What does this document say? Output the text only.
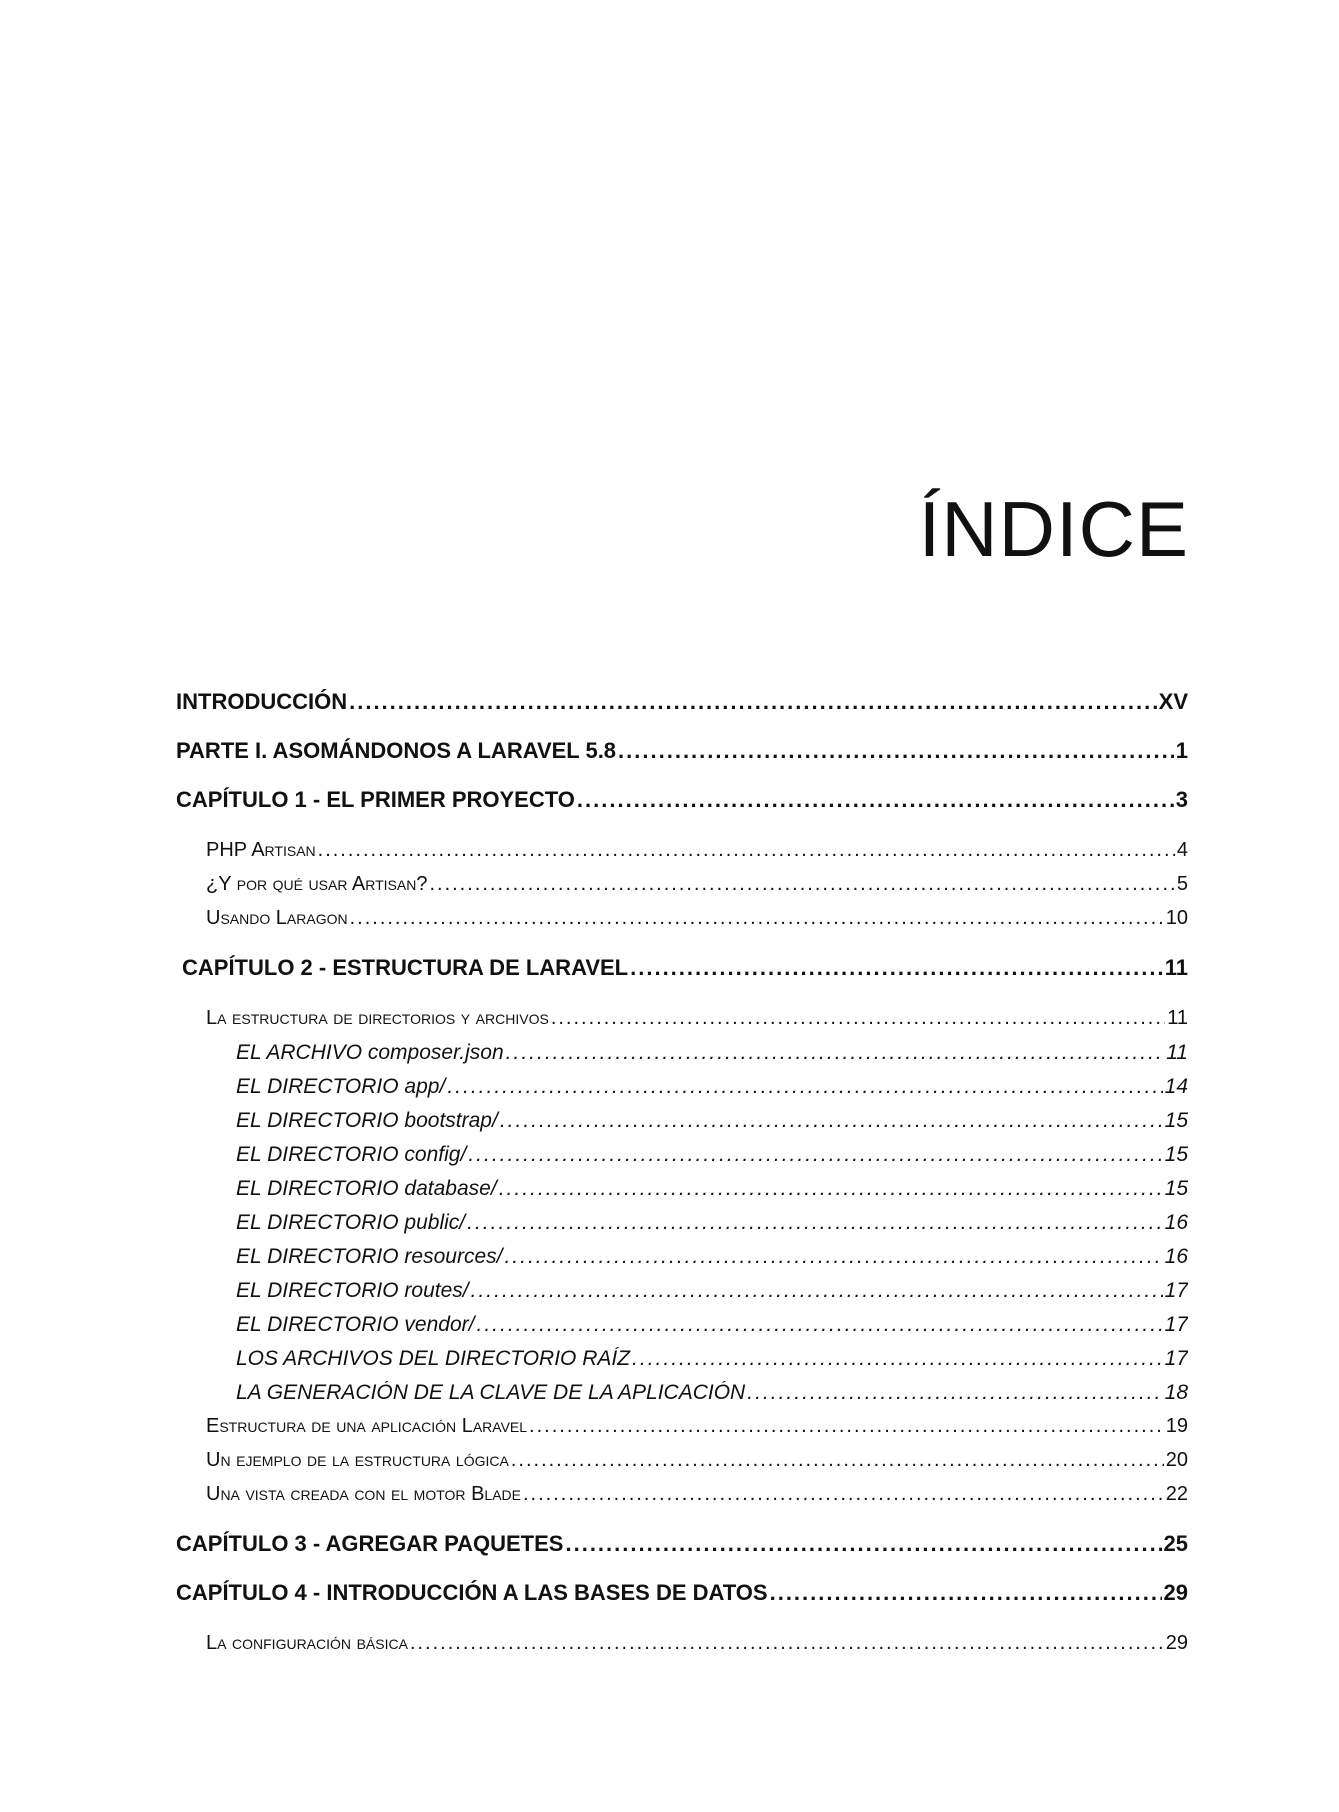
ÍNDICE
INTRODUCCIÓN .....	XV
PARTE I. ASOMÁNDONOS A LARAVEL 5.8 .....	1
CAPÍTULO 1 - EL PRIMER PROYECTO .....	3
PHP Artisan .....	4
¿Y por qué usar Artisan? .....	5
Usando Laragon .....	10
CAPÍTULO 2 - ESTRUCTURA DE LARAVEL .....	11
La estructura de directorios y archivos .....	11
EL ARCHIVO composer.json .....	11
EL DIRECTORIO app/ .....	14
EL DIRECTORIO bootstrap/ .....	15
EL DIRECTORIO config/ .....	15
EL DIRECTORIO database/ .....	15
EL DIRECTORIO public/ .....	16
EL DIRECTORIO resources/ .....	16
EL DIRECTORIO routes/ .....	17
EL DIRECTORIO vendor/ .....	17
LOS ARCHIVOS DEL DIRECTORIO RAÍZ .....	17
LA GENERACIÓN DE LA CLAVE DE LA APLICACIÓN .....	18
Estructura de una aplicación Laravel .....	19
Un ejemplo de la estructura lógica .....	20
Una vista creada con el motor Blade .....	22
CAPÍTULO 3 - AGREGAR PAQUETES .....	25
CAPÍTULO 4 - INTRODUCCIÓN A LAS BASES DE DATOS .....	29
La configuración básica .....	29
